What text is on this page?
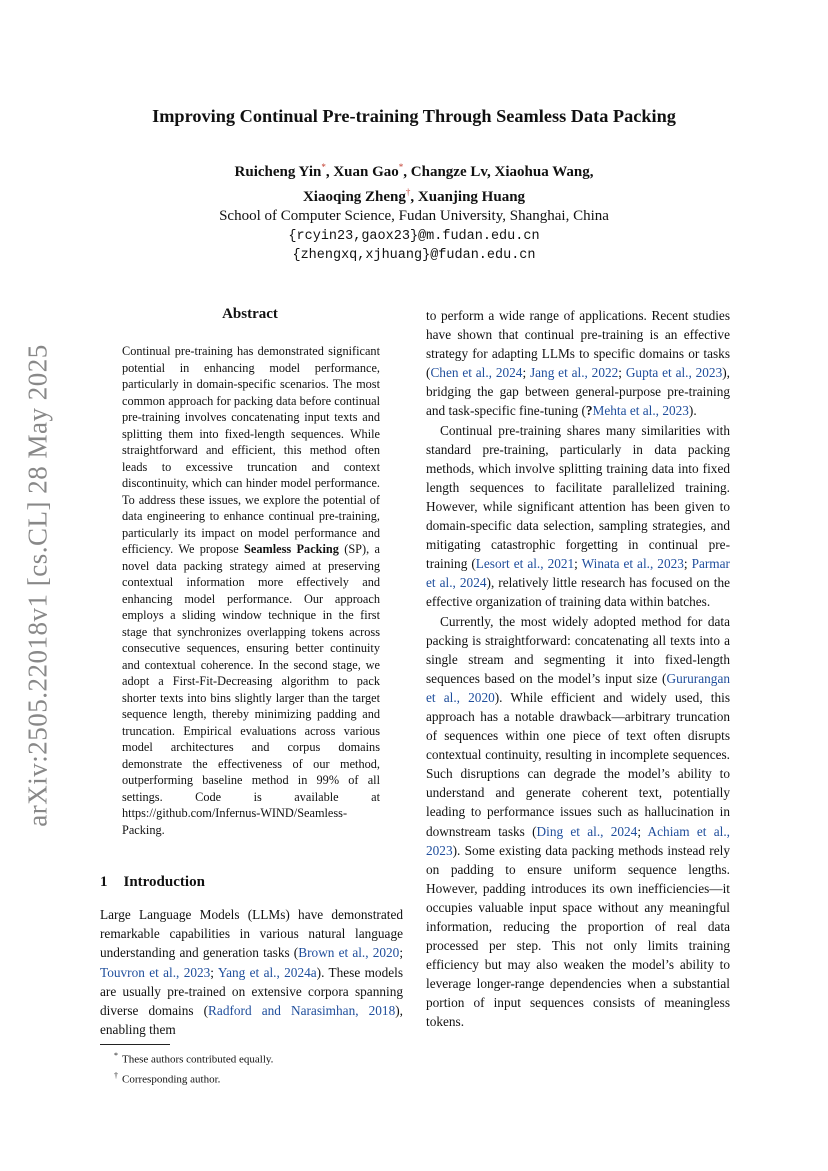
arXiv:2505.22018v1 [cs.CL] 28 May 2025
Improving Continual Pre-training Through Seamless Data Packing
Ruicheng Yin*, Xuan Gao*, Changze Lv, Xiaohua Wang,
Xiaoqing Zheng†, Xuanjing Huang
School of Computer Science, Fudan University, Shanghai, China
{rcyin23,gaox23}@m.fudan.edu.cn
{zhengxq,xjhuang}@fudan.edu.cn
Abstract
Continual pre-training has demonstrated significant potential in enhancing model performance, particularly in domain-specific scenarios. The most common approach for packing data before continual pre-training involves concatenating input texts and splitting them into fixed-length sequences. While straightforward and efficient, this method often leads to excessive truncation and context discontinuity, which can hinder model performance. To address these issues, we explore the potential of data engineering to enhance continual pre-training, particularly its impact on model performance and efficiency. We propose Seamless Packing (SP), a novel data packing strategy aimed at preserving contextual information more effectively and enhancing model performance. Our approach employs a sliding window technique in the first stage that synchronizes overlapping tokens across consecutive sequences, ensuring better continuity and contextual coherence. In the second stage, we adopt a First-Fit-Decreasing algorithm to pack shorter texts into bins slightly larger than the target sequence length, thereby minimizing padding and truncation. Empirical evaluations across various model architectures and corpus domains demonstrate the effectiveness of our method, outperforming baseline method in 99% of all settings. Code is available at https://github.com/Infernus-WIND/Seamless-Packing.
1 Introduction
Large Language Models (LLMs) have demonstrated remarkable capabilities in various natural language understanding and generation tasks (Brown et al., 2020; Touvron et al., 2023; Yang et al., 2024a). These models are usually pre-trained on extensive corpora spanning diverse domains (Radford and Narasimhan, 2018), enabling them
* These authors contributed equally.
† Corresponding author.

to perform a wide range of applications. Recent studies have shown that continual pre-training is an effective strategy for adapting LLMs to specific domains or tasks (Chen et al., 2024; Jang et al., 2022; Gupta et al., 2023), bridging the gap between general-purpose pre-training and task-specific fine-tuning (?Mehta et al., 2023).

Continual pre-training shares many similarities with standard pre-training, particularly in data packing methods, which involve splitting training data into fixed length sequences to facilitate parallelized training. However, while significant attention has been given to domain-specific data selection, sampling strategies, and mitigating catastrophic forgetting in continual pre-training (Lesort et al., 2021; Winata et al., 2023; Parmar et al., 2024), relatively little research has focused on the effective organization of training data within batches.

Currently, the most widely adopted method for data packing is straightforward: concatenating all texts into a single stream and segmenting it into fixed-length sequences based on the model’s input size (Gururangan et al., 2020). While efficient and widely used, this approach has a notable drawback—arbitrary truncation of sequences within one piece of text often disrupts contextual continuity, resulting in incomplete sequences. Such disruptions can degrade the model’s ability to understand and generate coherent text, potentially leading to performance issues such as hallucination in downstream tasks (Ding et al., 2024; Achiam et al., 2023). Some existing data packing methods instead rely on padding to ensure uniform sequence lengths. However, padding introduces its own inefficiencies—it occupies valuable input space without any meaningful information, reducing the proportion of real data processed per step. This not only limits training efficiency but may also weaken the model’s ability to leverage longer-range dependencies when a substantial portion of input sequences consists of meaningless tokens.
